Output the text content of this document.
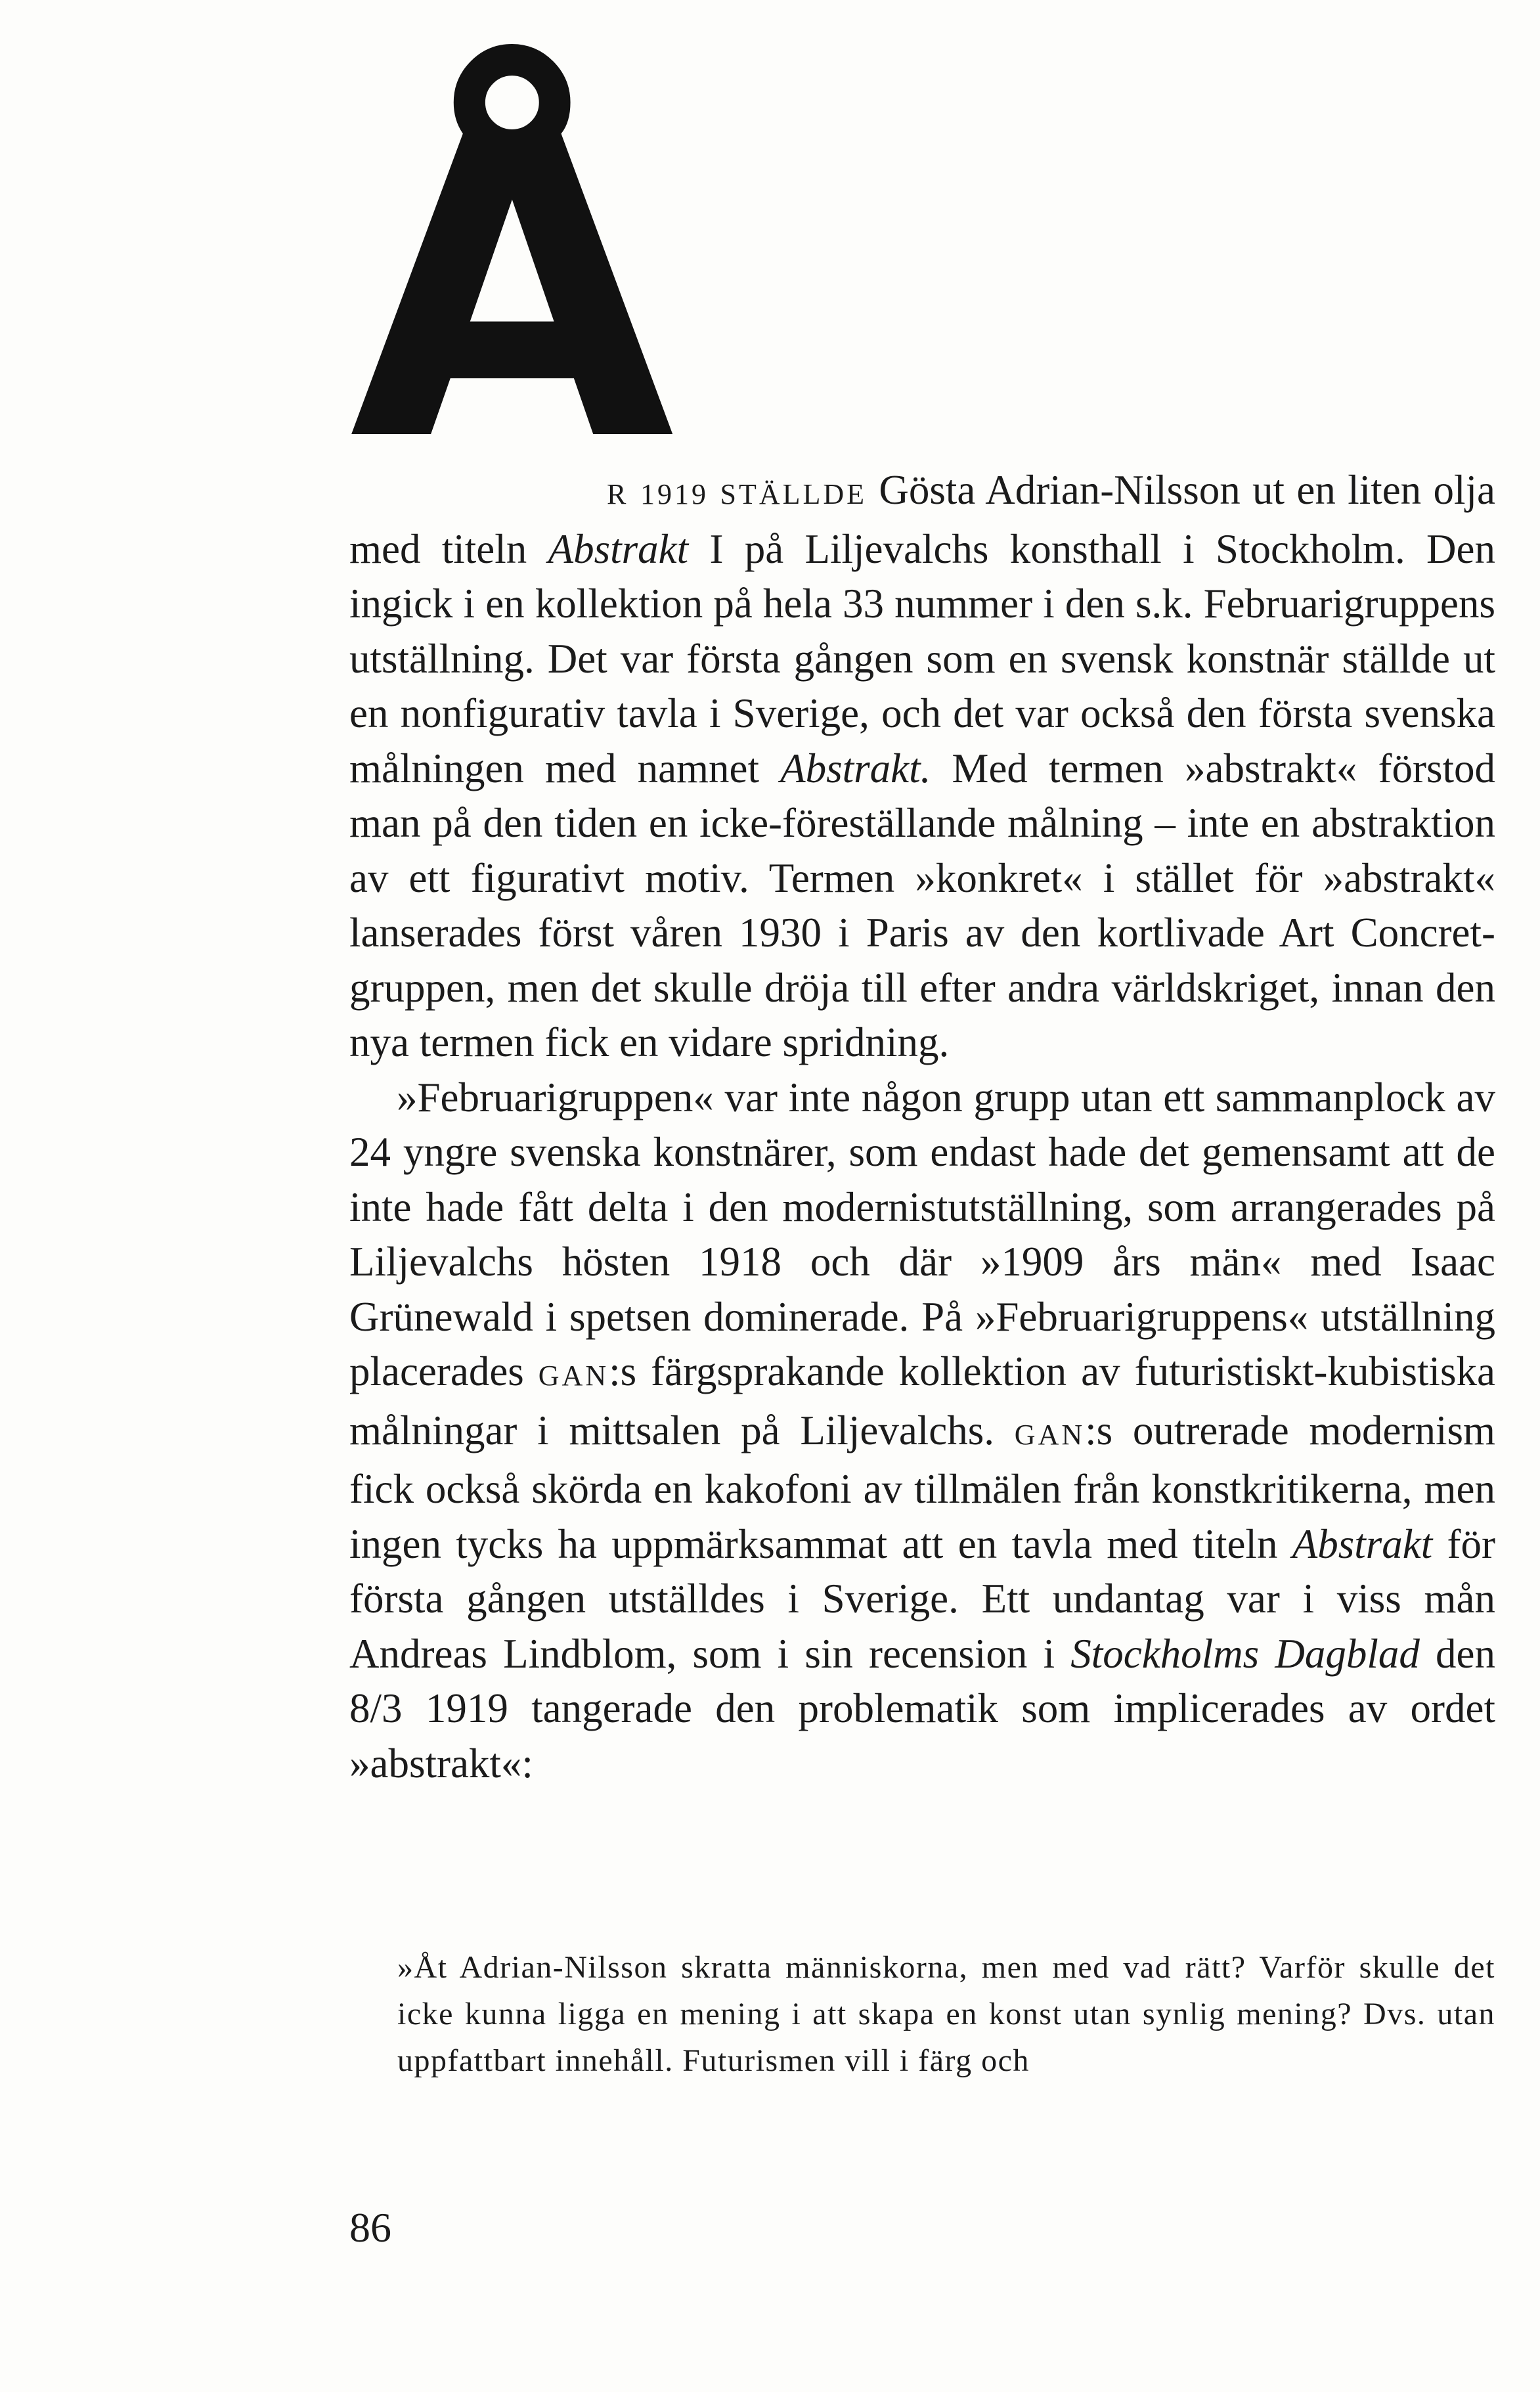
Å

R 1919 STÄLLDE Gösta Adrian-Nilsson ut en liten olja med titeln Abstrakt I på Liljevalchs konsthall i Stockholm. Den ingick i en kollektion på hela 33 nummer i den s.k. Februarigruppens utställning. Det var första gången som en svensk konstnär ställde ut en nonfigurativ tavla i Sverige, och det var också den första svenska målningen med namnet Abstrakt. Med termen »abstrakt« förstod man på den tiden en icke-föreställande målning – inte en abstraktion av ett figurativt motiv. Termen »konkret« i stället för »abstrakt« lanserades först våren 1930 i Paris av den kortlivade Art Concret-gruppen, men det skulle dröja till efter andra världskriget, innan den nya termen fick en vidare spridning.

»Februarigruppen« var inte någon grupp utan ett sammanplock av 24 yngre svenska konstnärer, som endast hade det gemensamt att de inte hade fått delta i den modernistutställning, som arrangerades på Liljevalchs hösten 1918 och där »1909 års män« med Isaac Grünewald i spetsen dominerade. På »Februarigruppens« utställning placerades GAN:s färgsprakande kollektion av futuristiskt-kubistiska målningar i mittsalen på Liljevalchs. GAN:s outrerade modernism fick också skörda en kakofoni av tillmälen från konstkritikerna, men ingen tycks ha uppmärksammat att en tavla med titeln Abstrakt för första gången utställdes i Sverige. Ett undantag var i viss mån Andreas Lindblom, som i sin recension i Stockholms Dagblad den 8/3 1919 tangerade den problematik som implicerades av ordet »abstrakt«:

»Åt Adrian-Nilsson skratta människorna, men med vad rätt? Varför skulle det icke kunna ligga en mening i att skapa en konst utan synlig mening? Dvs. utan uppfattbart innehåll. Futurismen vill i färg och

86
